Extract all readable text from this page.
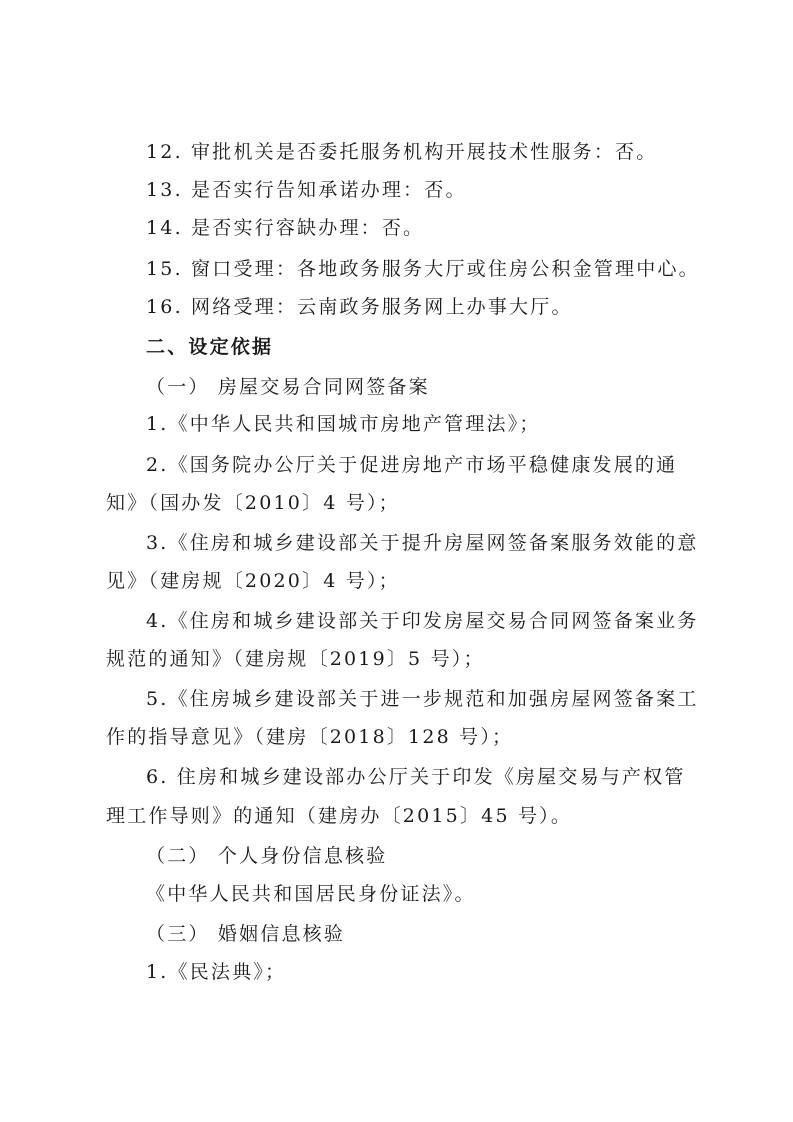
12. 审批机关是否委托服务机构开展技术性服务：否。
13. 是否实行告知承诺办理：否。
14. 是否实行容缺办理：否。
15. 窗口受理：各地政务服务大厅或住房公积金管理中心。
16. 网络受理：云南政务服务网上办事大厅。
二、设定依据
（一） 房屋交易合同网签备案
1.《中华人民共和国城市房地产管理法》；
2.《国务院办公厅关于促进房地产市场平稳健康发展的通
知》（国办发〔2010〕4 号）；
3.《住房和城乡建设部关于提升房屋网签备案服务效能的意
见》（建房规〔2020〕4 号）；
4.《住房和城乡建设部关于印发房屋交易合同网签备案业务
规范的通知》（建房规〔2019〕5 号）；
5.《住房城乡建设部关于进一步规范和加强房屋网签备案工
作的指导意见》（建房〔2018〕128 号）；
6. 住房和城乡建设部办公厅关于印发《房屋交易与产权管
理工作导则》的通知（建房办〔2015〕45 号）。
（二） 个人身份信息核验
《中华人民共和国居民身份证法》。
（三） 婚姻信息核验
1.《民法典》；
